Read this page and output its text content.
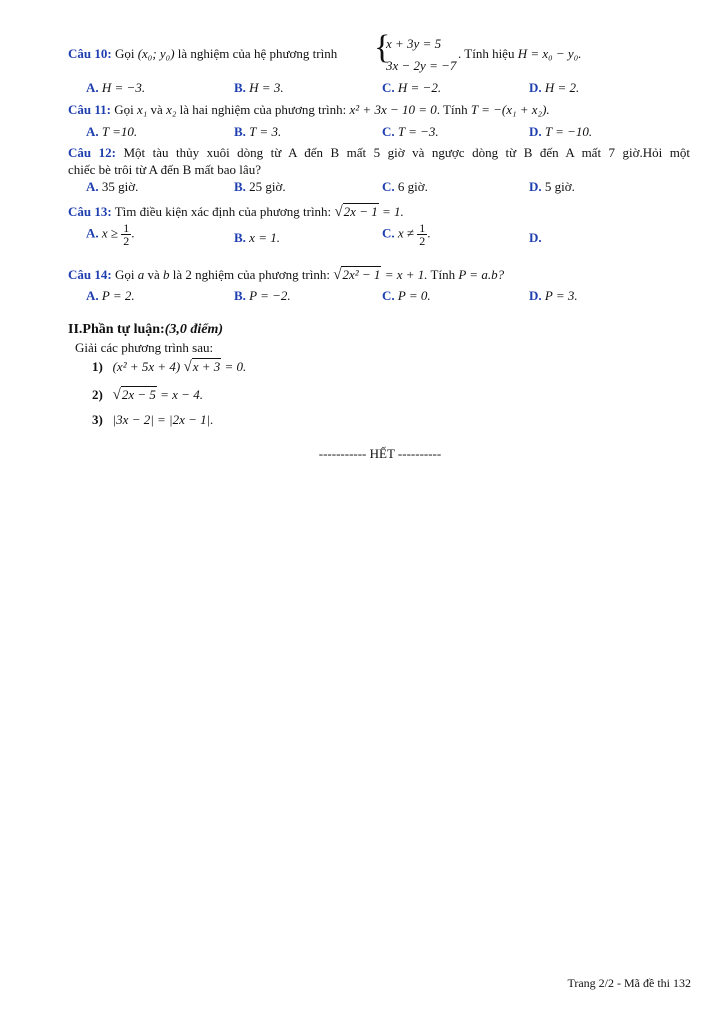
Câu 10: Gọi (x₀; y₀) là nghiệm của hệ phương trình {
x + 3y = 5
3x − 2y = −7
. Tính hiệu H = x₀ − y₀.
A. H = −3.	B. H = 3.	C. H = −2.	D. H = 2.
Câu 11: Gọi x₁ và x₂ là hai nghiệm của phương trình: x² + 3x − 10 = 0. Tính T = −(x₁ + x₂).
A. T =10.	B. T = 3.	C. T = −3.	D. T = −10.
Câu 12: Một tàu thủy xuôi dòng từ A đến B mất 5 giờ và ngược dòng từ B đến A mất 7 giờ.Hỏi một
chiếc bè trôi từ A đến B mất bao lâu?
A. 35 giờ.	B. 25 giờ.	C. 6 giờ.	D. 5 giờ.
Câu 13: Tìm điều kiện xác định của phương trình: √2x − 1 = 1.
A. $x \ge \frac{1}{2}$ .	B. x = 1.	C. $x \ne \frac{1}{2}$ .	D.
Câu 14: Gọi a và b là 2 nghiệm của phương trình: √2x² − 1 = x + 1. Tính P = a.b?
A. P = 2.	B. P = −2.	C. P = 0.	D. P = 3.
II.Phần tự luận:(3,0 điểm)
Giải các phương trình sau:
1) (x² + 5x + 4) √x + 3 = 0.
2) √2x − 5 = x − 4.
3) |3x − 2| = |2x − 1|.
----------- HẾT ----------
Trang 2/2 - Mã đề thi 132
